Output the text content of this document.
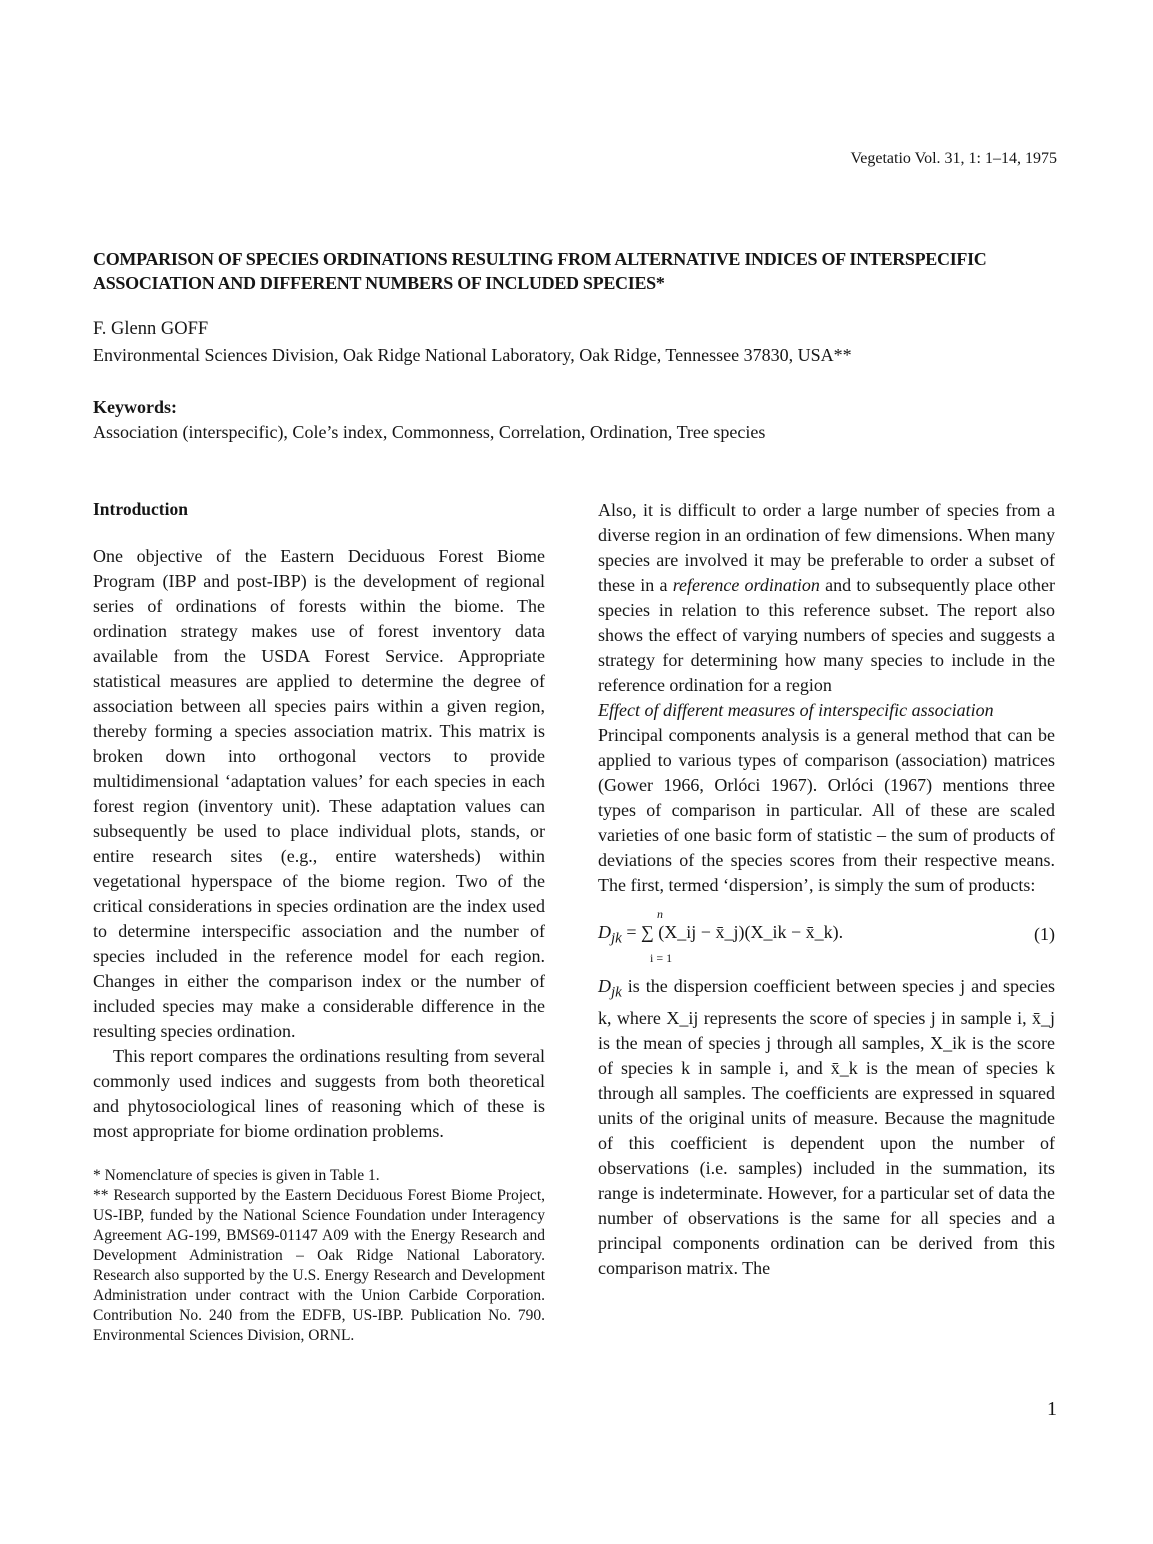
Vegetatio Vol. 31, 1: 1–14, 1975
COMPARISON OF SPECIES ORDINATIONS RESULTING FROM ALTERNATIVE INDICES OF INTERSPECIFIC ASSOCIATION AND DIFFERENT NUMBERS OF INCLUDED SPECIES*
F. Glenn GOFF
Environmental Sciences Division, Oak Ridge National Laboratory, Oak Ridge, Tennessee 37830, USA**
Keywords:
Association (interspecific), Cole’s index, Commonness, Correlation, Ordination, Tree species
Introduction

One objective of the Eastern Deciduous Forest Biome Program (IBP and post-IBP) is the development of regional series of ordinations of forests within the biome. The ordination strategy makes use of forest inventory data available from the USDA Forest Service. Appropriate statistical measures are applied to determine the degree of association between all species pairs within a given region, thereby forming a species association matrix. This matrix is broken down into orthogonal vectors to provide multidimensional ‘adaptation values’ for each species in each forest region (inventory unit). These adaptation values can subsequently be used to place individual plots, stands, or entire research sites (e.g., entire watersheds) within vegetational hyperspace of the biome region. Two of the critical considerations in species ordination are the index used to determine interspecific association and the number of species included in the reference model for each region. Changes in either the comparison index or the number of included species may make a considerable difference in the resulting species ordination.

This report compares the ordinations resulting from several commonly used indices and suggests from both theoretical and phytosociological lines of reasoning which of these is most appropriate for biome ordination problems.

* Nomenclature of species is given in Table 1.

** Research supported by the Eastern Deciduous Forest Biome Project, US-IBP, funded by the National Science Foundation under Interagency Agreement AG-199, BMS69-01147 A09 with the Energy Research and Development Administration – Oak Ridge National Laboratory. Research also supported by the U.S. Energy Research and Development Administration under contract with the Union Carbide Corporation. Contribution No. 240 from the EDFB, US-IBP. Publication No. 790. Environmental Sciences Division, ORNL.

Also, it is difficult to order a large number of species from a diverse region in an ordination of few dimensions. When many species are involved it may be preferable to order a subset of these in a reference ordination and to subsequently place other species in relation to this reference subset. The report also shows the effect of varying numbers of species and suggests a strategy for determining how many species to include in the reference ordination for a region

Effect of different measures of interspecific association

Principal components analysis is a general method that can be applied to various types of comparison (association) matrices (Gower 1966, Orlóci 1967). Orlóci (1967) mentions three types of comparison in particular. All of these are scaled varieties of one basic form of statistic – the sum of products of deviations of the species scores from their respective means. The first, termed ‘dispersion’, is simply the sum of products:

n
$D_{jk}$ = ∑ (X_ij − x̄_j)(X_ik − x̄_k).
i = 1
(1)

$D_{jk}$ is the dispersion coefficient between species j and species k, where X_ij represents the score of species j in sample i, x̄_j is the mean of species j through all samples, X_ik is the score of species k in sample i, and x̄_k is the mean of species k through all samples. The coefficients are expressed in squared units of the original units of measure. Because the magnitude of this coefficient is dependent upon the number of observations (i.e. samples) included in the summation, its range is indeterminate. However, for a particular set of data the number of observations is the same for all species and a principal components ordination can be derived from this comparison matrix. The

1
